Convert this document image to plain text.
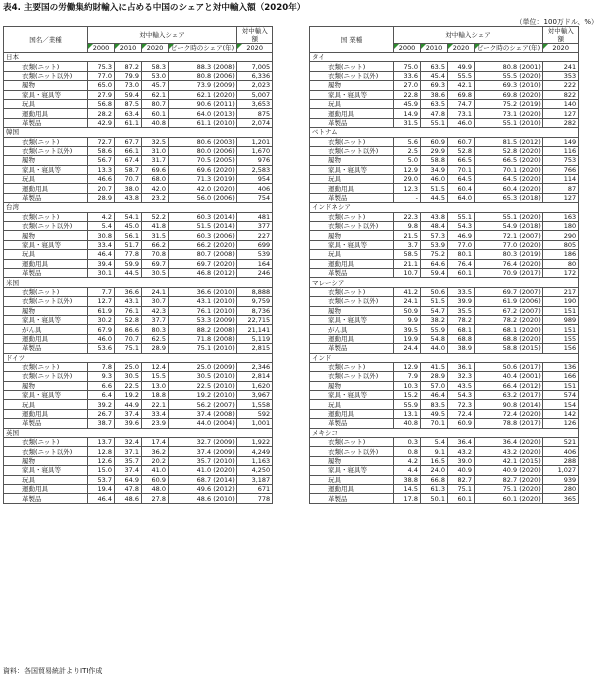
表4. 主要国の労働集約財輸入に占める中国のシェアと対中輸入額（2020年）
（単位：100万ドル、%）
国名／業種	対中輸入シェア				対中輸入額
	2000	2010	2020	ピーク時のシェア(年)	2020
日本					
衣類(ニット)	75.3	87.2	58.3	88.3 (2008)	7,005
衣類(ニット以外)	77.0	79.9	53.0	80.8 (2006)	6,336
履物	65.0	73.0	45.7	73.9 (2009)	2,023
家具・寝具等	27.9	59.4	62.1	62.1 (2020)	5,007
玩具	56.8	87.5	80.7	90.6 (2011)	3,653
運動用具	28.2	63.4	60.1	64.0 (2013)	875
革製品	42.9	61.1	40.8	61.1 (2010)	2,074
韓国					
衣類(ニット)	72.7	67.7	32.5	80.6 (2003)	1,201
衣類(ニット以外)	58.6	66.1	31.0	80.0 (2006)	1,670
履物	56.7	67.4	31.7	70.5 (2005)	976
家具・寝具等	13.3	58.7	69.6	69.6 (2020)	2,583
玩具	46.6	70.7	68.0	71.3 (2019)	954
運動用具	20.7	38.0	42.0	42.0 (2020)	406
革製品	28.9	43.8	23.2	56.0 (2006)	754
台湾					
衣類(ニット)	4.2	54.1	52.2	60.3 (2014)	481
衣類(ニット以外)	5.4	45.0	41.8	51.5 (2014)	377
履物	30.8	56.1	31.5	60.3 (2006)	227
家具・寝具等	33.4	51.7	66.2	66.2 (2020)	699
玩具	46.4	77.8	70.8	80.7 (2008)	539
運動用具	39.4	59.9	69.7	69.7 (2020)	164
革製品	30.1	44.5	30.5	46.8 (2012)	246
米国					
衣類(ニット)	7.7	36.6	24.1	36.6 (2010)	8,888
衣類(ニット以外)	12.7	43.1	30.7	43.1 (2010)	9,759
履物	61.9	76.1	42.3	76.1 (2010)	8,736
家具・寝具等	30.2	52.8	37.7	53.3 (2009)	22,715
がん具	67.9	86.6	80.3	88.2 (2008)	21,141
運動用具	46.0	70.7	62.5	71.8 (2008)	5,119
革製品	53.6	75.1	28.9	75.1 (2010)	2,815
ドイツ					
衣類(ニット)	7.8	25.0	12.4	25.0 (2009)	2,346
衣類(ニット以外)	9.3	30.5	15.5	30.5 (2010)	2,814
履物	6.6	22.5	13.0	22.5 (2010)	1,620
家具・寝具等	6.4	19.2	18.8	19.2 (2010)	3,967
玩具	39.2	44.9	22.1	56.2 (2007)	1,558
運動用具	26.7	37.4	33.4	37.4 (2008)	592
革製品	38.7	39.6	23.9	44.0 (2004)	1,001
英国					
衣類(ニット)	13.7	32.4	17.4	32.7 (2009)	1,922
衣類(ニット以外)	12.8	37.1	36.2	37.4 (2009)	4,249
履物	12.6	35.7	20.2	35.7 (2010)	1,163
家具・寝具等	15.0	37.4	41.0	41.0 (2020)	4,250
玩具	53.7	64.9	60.9	68.7 (2014)	3,187
運動用具	19.4	47.8	48.0	49.6 (2012)	671
革製品	46.4	48.6	27.8	48.6 (2010)	778
国 業種	対中輸入シェア				対中輸入額
	2000	2010	2020	ピーク時のシェア(年)	2020
タイ					
衣類(ニット)	75.0	63.5	49.9	80.8 (2001)	241
衣類(ニット以外)	33.6	45.4	55.5	55.5 (2020)	353
履物	27.0	69.3	42.1	69.3 (2010)	222
家具・寝具等	22.8	38.6	69.8	69.8 (2020)	822
玩具	45.9	63.5	74.7	75.2 (2019)	140
運動用具	14.9	47.8	73.1	73.1 (2020)	127
革製品	31.5	55.1	46.0	55.1 (2010)	282
ベトナム					
衣類(ニット)	5.6	60.9	60.7	81.5 (2012)	149
衣類(ニット以外)	2.5	29.9	52.8	52.8 (2020)	116
履物	5.0	58.8	66.5	66.5 (2020)	753
家具・寝具等	12.9	34.9	70.1	70.1 (2020)	766
玩具	29.0	46.0	64.5	64.5 (2020)	114
運動用具	12.3	51.5	60.4	60.4 (2020)	87
革製品	-	44.5	64.0	65.3 (2018)	127
インドネシア					
衣類(ニット)	22.3	43.8	55.1	55.1 (2020)	163
衣類(ニット以外)	9.8	48.4	54.3	54.9 (2018)	180
履物	21.5	57.3	46.9	72.1 (2007)	290
家具・寝具等	3.7	53.9	77.0	77.0 (2020)	805
玩具	58.5	75.2	80.1	80.3 (2019)	186
運動用具	21.1	64.6	76.4	76.4 (2020)	80
革製品	10.7	59.4	60.1	70.9 (2017)	172
マレーシア					
衣類(ニット)	41.2	50.6	33.5	69.7 (2007)	217
衣類(ニット以外)	24.1	51.5	39.9	61.9 (2006)	190
履物	50.9	54.7	35.5	67.2 (2007)	151
家具・寝具等	9.9	38.2	78.2	78.2 (2020)	989
がん具	39.5	55.9	68.1	68.1 (2020)	151
運動用具	19.9	54.8	68.8	68.8 (2020)	155
革製品	24.4	44.0	38.9	58.8 (2015)	156
インド					
衣類(ニット)	12.9	41.5	36.1	50.6 (2017)	136
衣類(ニット以外)	7.9	28.9	32.3	40.4 (2001)	166
履物	10.3	57.0	43.5	66.4 (2012)	151
家具・寝具等	15.2	46.4	54.3	63.2 (2017)	574
玩具	55.9	83.5	72.3	90.8 (2014)	154
運動用具	13.1	49.5	72.4	72.4 (2020)	142
革製品	40.8	70.1	60.9	78.8 (2017)	126
メキシコ					
衣類(ニット)	0.3	5.4	36.4	36.4 (2020)	521
衣類(ニット以外)	0.8	9.1	43.2	43.2 (2020)	406
履物	4.2	16.5	39.0	42.1 (2015)	288
家具・寝具等	4.4	24.0	40.9	40.9 (2020)	1,027
玩具	38.8	66.8	82.7	82.7 (2020)	939
運動用具	14.5	61.3	75.1	75.1 (2020)	280
革製品	17.8	50.1	60.1	60.1 (2020)	365
資料：各国貿易統計よりITI作成
